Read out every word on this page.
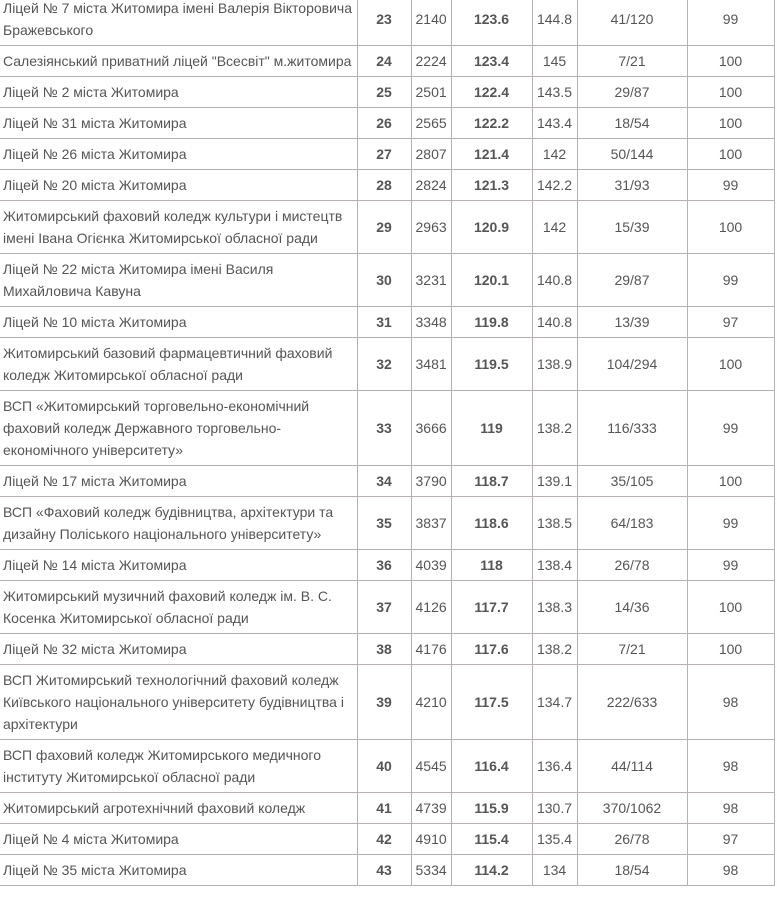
Ліцей № 7 міста Житомира імені Валерія Вікторовича Бражевського	23	2140	123.6	144.8	41/120	99
Салезіянський приватний ліцей "Всесвіт" м.житомира	24	2224	123.4	145	7/21	100
Ліцей № 2 міста Житомира	25	2501	122.4	143.5	29/87	100
Ліцей № 31 міста Житомира	26	2565	122.2	143.4	18/54	100
Ліцей № 26 міста Житомира	27	2807	121.4	142	50/144	100
Ліцей № 20 міста Житомира	28	2824	121.3	142.2	31/93	99
Житомирський фаховий коледж культури і мистецтв імені Івана Огієнка Житомирської обласної ради	29	2963	120.9	142	15/39	100
Ліцей № 22 міста Житомира імені Василя Михайловича Кавуна	30	3231	120.1	140.8	29/87	99
Ліцей № 10 міста Житомира	31	3348	119.8	140.8	13/39	97
Житомирський базовий фармацевтичний фаховий коледж Житомирської обласної ради	32	3481	119.5	138.9	104/294	100
ВСП «Житомирський торговельно-економічний фаховий коледж Державного торговельно-економічного університету»	33	3666	119	138.2	116/333	99
Ліцей № 17 міста Житомира	34	3790	118.7	139.1	35/105	100
ВСП «Фаховий коледж будівництва, архітектури та дизайну Поліського національного університету»	35	3837	118.6	138.5	64/183	99
Ліцей № 14 міста Житомира	36	4039	118	138.4	26/78	99
Житомирський музичний фаховий коледж ім. В. С. Косенка Житомирської обласної ради	37	4126	117.7	138.3	14/36	100
Ліцей № 32 міста Житомира	38	4176	117.6	138.2	7/21	100
ВСП Житомирський технологічний фаховий коледж Київського національного університету будівництва і архітектури	39	4210	117.5	134.7	222/633	98
ВСП фаховий коледж Житомирського медичного інституту Житомирської обласної ради	40	4545	116.4	136.4	44/114	98
Житомирський агротехнічний фаховий коледж	41	4739	115.9	130.7	370/1062	98
Ліцей № 4 міста Житомира	42	4910	115.4	135.4	26/78	97
Ліцей № 35 міста Житомира	43	5334	114.2	134	18/54	98
